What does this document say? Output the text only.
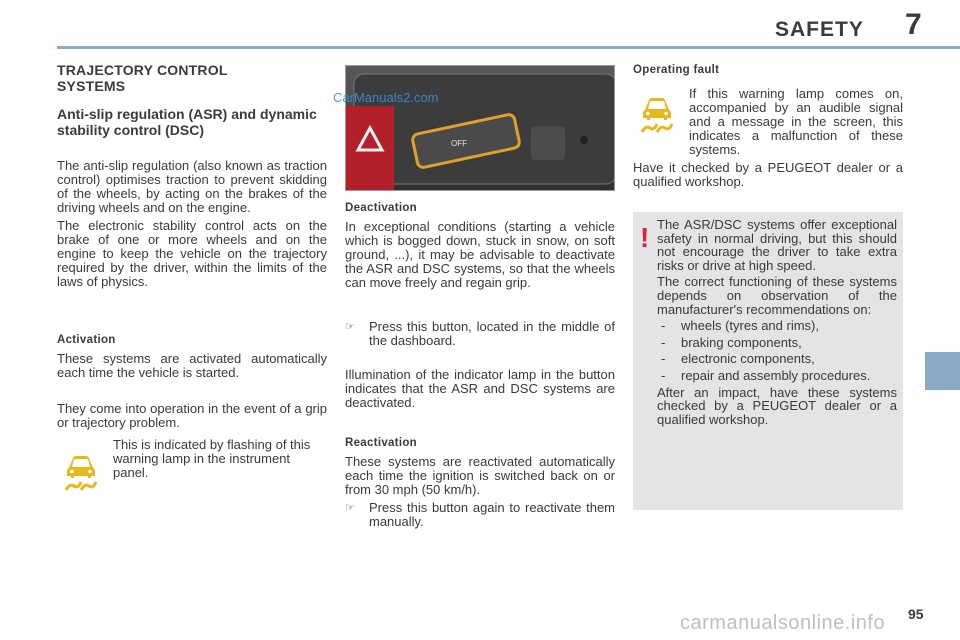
SAFETY 7
TRAJECTORY CONTROL SYSTEMS
Anti-slip regulation (ASR) and dynamic stability control (DSC)

The anti-slip regulation (also known as traction control) optimises traction to prevent skidding of the wheels, by acting on the brakes of the driving wheels and on the engine.

The electronic stability control acts on the brake of one or more wheels and on the engine to keep the vehicle on the trajectory required by the driver, within the limits of the laws of physics.

Activation

These systems are activated automatically each time the vehicle is started.

They come into operation in the event of a grip or trajectory problem.

This is indicated by flashing of this warning lamp in the instrument panel.

OFF
CarManuals2.com
Deactivation

In exceptional conditions (starting a vehicle which is bogged down, stuck in snow, on soft ground, ...), it may be advisable to deactivate the ASR and DSC systems, so that the wheels can move freely and regain grip.

☞	Press this button, located in the middle of the dashboard.

Illumination of the indicator lamp in the button indicates that the ASR and DSC systems are deactivated.

Reactivation

These systems are reactivated automatically each time the ignition is switched back on or from 30 mph (50 km/h).

☞	Press this button again to reactivate them manually.
Operating fault

If this warning lamp comes on, accompanied by an audible signal and a message in the screen, this indicates a malfunction of these systems.

Have it checked by a PEUGEOT dealer or a qualified workshop.

The ASR/DSC systems offer exceptional safety in normal driving, but this should not encourage the driver to take extra risks or drive at high speed.

The correct functioning of these systems depends on observation of the manufacturer's recommendations on:

- wheels (tyres and rims),
- braking components,
- electronic components,
- repair and assembly procedures.

After an impact, have these systems checked by a PEUGEOT dealer or a qualified workshop.

!
carmanualsonline.info 95
